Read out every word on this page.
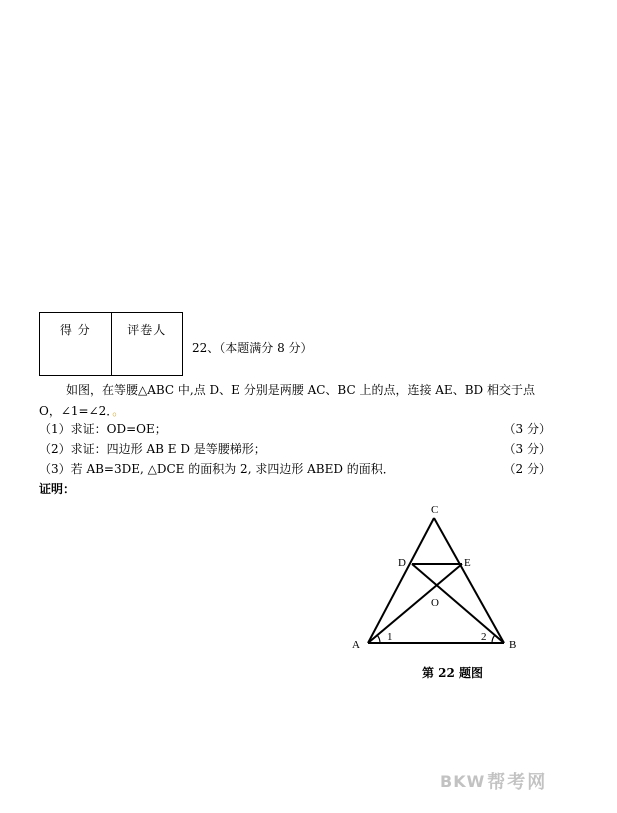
得 分	评卷人
22、（本题满分 8 分）
如图，在等腰△ABC 中,点 D、E 分别是两腰 AC、BC 上的点，连接 AE、BD 相交于点
O，∠1=∠2．。
（1）求证：OD=OE；	（3 分）
（2）求证：四边形 AB E D 是等腰梯形；	（3 分）
（3）若 AB=3DE, △DCE 的面积为 2, 求四边形 ABED 的面积．	（2 分）
证明：
C
D	E
O
A	B
1	2
第 22 题图
BKW 帮考网
